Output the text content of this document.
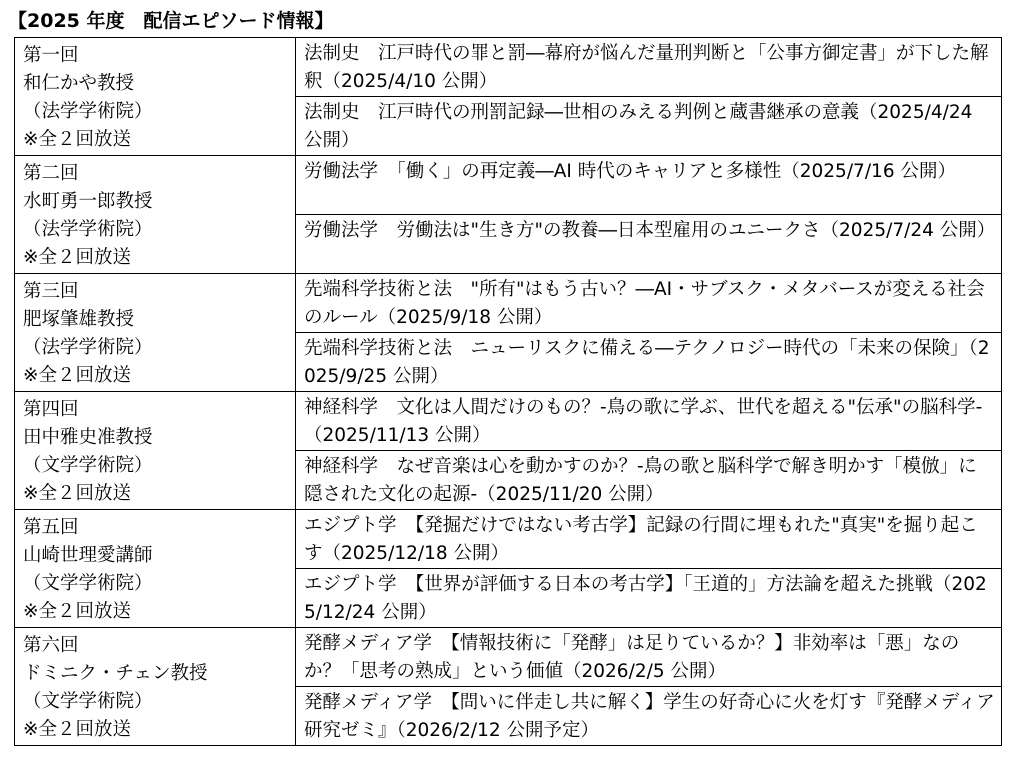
【2025 年度　配信エピソード情報】
第一回
和仁かや教授
（法学学術院）
※全２回放送	法制史　江戸時代の罪と罰―幕府が悩んだ量刑判断と「公事方御定書」が下した解釈（2025/4/10 公開）
	法制史　江戸時代の刑罰記録―世相のみえる判例と蔵書継承の意義（2025/4/24 公開）

第二回
水町勇一郎教授
（法学学術院）
※全２回放送	労働法学　「働く」の再定義―AI 時代のキャリアと多様性（2025/7/16 公開）
	労働法学　労働法は"生き方"の教養―日本型雇用のユニークさ（2025/7/24 公開）

第三回
肥塚肇雄教授
（法学学術院）
※全２回放送	先端科学技術と法　"所有"はもう古い？―AI・サブスク・メタバースが変える社会のルール（2025/9/18 公開）
	先端科学技術と法　ニューリスクに備える―テクノロジー時代の「未来の保険」（2025/9/25 公開）

第四回
田中雅史准教授
（文学学術院）
※全２回放送	神経科学　文化は人間だけのもの？-鳥の歌に学ぶ、世代を超える"伝承"の脳科学-（2025/11/13 公開）
	神経科学　なぜ音楽は心を動かすのか？-鳥の歌と脳科学で解き明かす「模倣」に隠された文化の起源-（2025/11/20 公開）

第五回
山崎世理愛講師
（文学学術院）
※全２回放送	エジプト学　【発掘だけではない考古学】記録の行間に埋もれた"真実"を掘り起こす（2025/12/18 公開）
	エジプト学　【世界が評価する日本の考古学】「王道的」方法論を超えた挑戦（2025/12/24 公開）

第六回
ドミニク・チェン教授
（文学学術院）
※全２回放送	発酵メディア学　【情報技術に「発酵」は足りているか？】非効率は「悪」なのか？「思考の熟成」という価値（2026/2/5 公開）
	発酵メディア学　【問いに伴走し共に解く】学生の好奇心に火を灯す『発酵メディア研究ゼミ』（2026/2/12 公開予定）
